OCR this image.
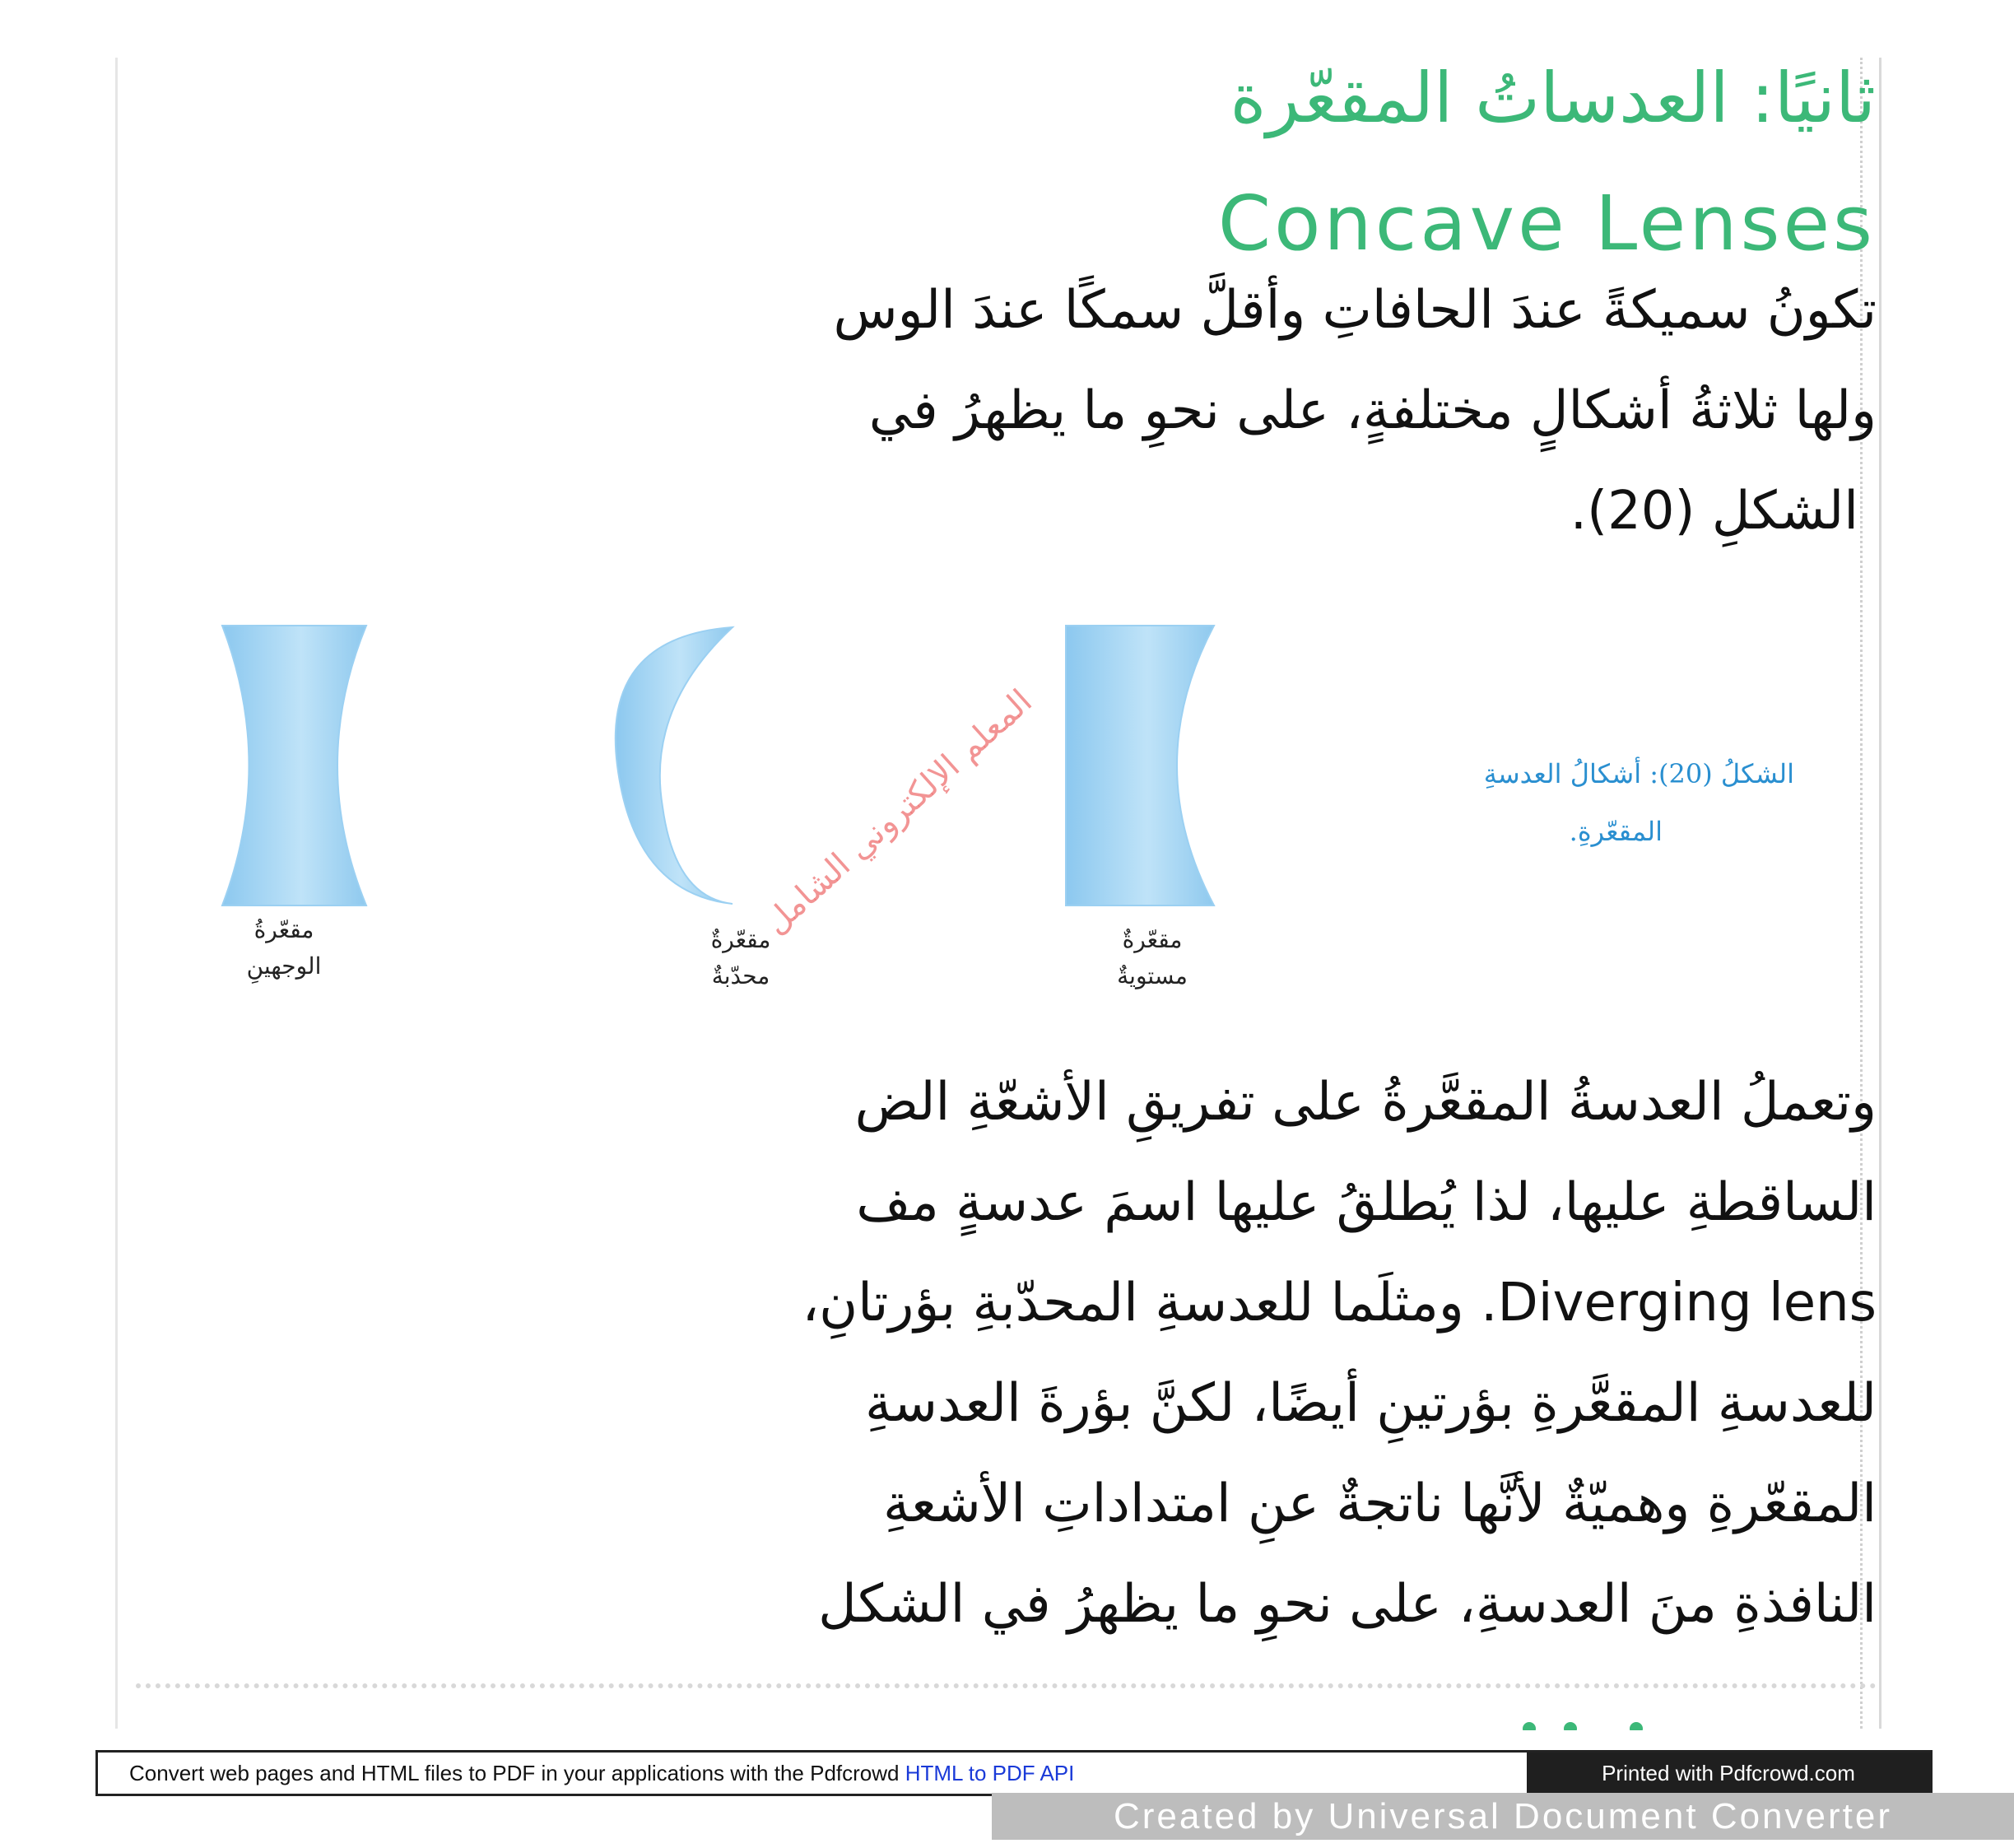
ثانيًا: العدساتُ المقعّرة
Concave Lenses

تكونُ سميكةً عندَ الحافاتِ وأقلَّ سمكًا عندَ الوس

ولها ثلاثةُ أشكالٍ مختلفةٍ، على نحوِ ما يظهرُ في

الشكلِ (20).

مقعّرةُ
الوجهينِ
مقعّرةٌ
محدّبةٌ
مقعّرةٌ
مستويةٌ

الشكلُ (20): أشكالُ العدسةِ

المقعّرةِ.

المعلم الإلكتروني الشامل

وتعملُ العدسةُ المقعَّرةُ على تفريقِ الأشعّةِ الض

الساقطةِ عليها، لذا يُطلقُ عليها اسمَ عدسةٍ مف

Diverging lens. ومثلَما للعدسةِ المحدّبةِ بؤرتانِ،

للعدسةِ المقعَّرةِ بؤرتينِ أيضًا، لكنَّ بؤرةَ العدسةِ

المقعّرةِ وهميّةٌ لأنَّها ناتجةٌ عنِ امتداداتِ الأشعةِ

النافذةِ منَ العدسةِ، على نحوِ ما يظهرُ في الشكل

Convert web pages and HTML files to PDF in your applications with the Pdfcrowd HTML to PDF API	Printed with Pdfcrowd.com
Created by Universal Document Converter
